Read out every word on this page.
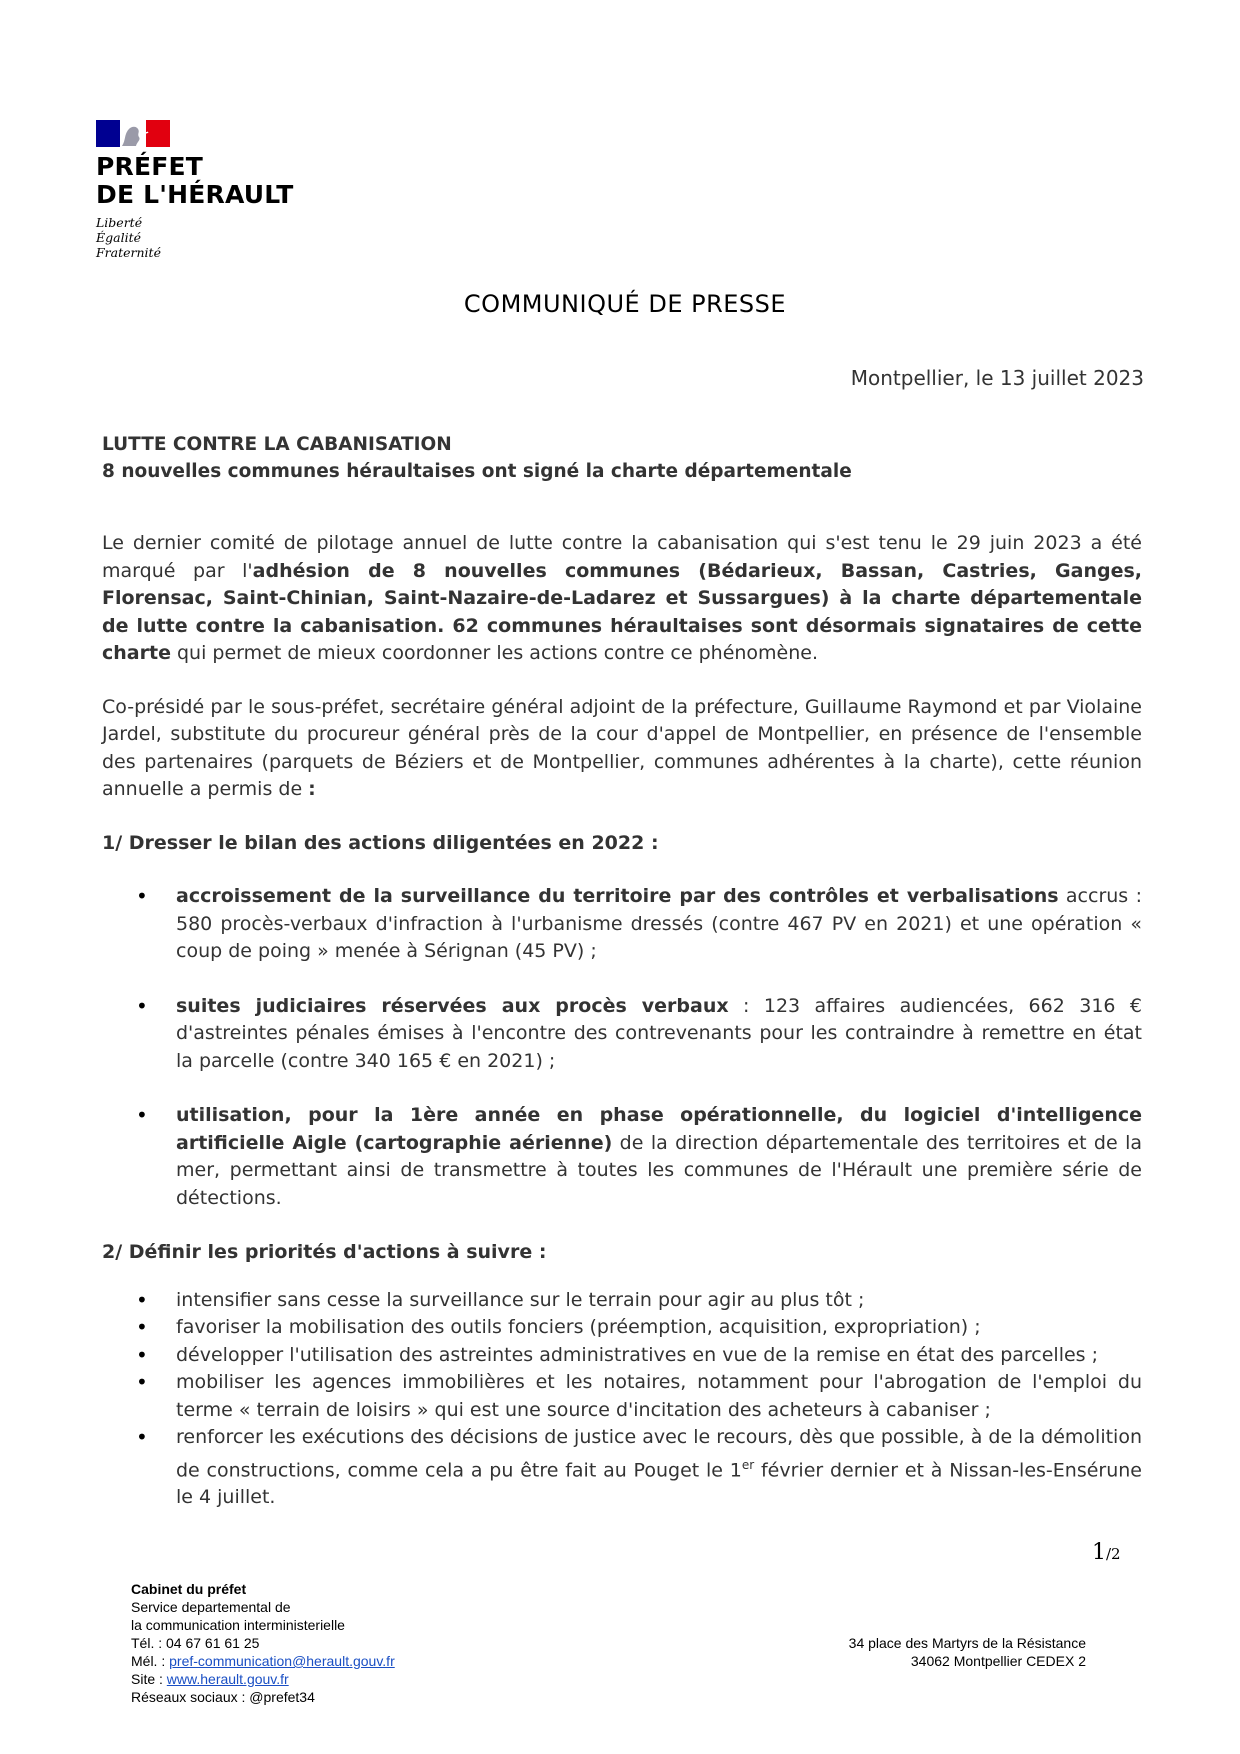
PRÉFET
DE L'HÉRAULT
Liberté
Égalité
Fraternité
COMMUNIQUÉ DE PRESSE
Montpellier, le 13 juillet 2023
LUTTE CONTRE LA CABANISATION
8 nouvelles communes héraultaises ont signé la charte départementale

Le dernier comité de pilotage annuel de lutte contre la cabanisation qui s'est tenu le 29 juin 2023 a été marqué par l'adhésion de 8 nouvelles communes (Bédarieux, Bassan, Castries, Ganges, Florensac, Saint-Chinian, Saint-Nazaire-de-Ladarez et Sussargues) à la charte départementale de lutte contre la cabanisation. 62 communes héraultaises sont désormais signataires de cette charte qui permet de mieux coordonner les actions contre ce phénomène.

Co-présidé par le sous-préfet, secrétaire général adjoint de la préfecture, Guillaume Raymond et par Violaine Jardel, substitute du procureur général près de la cour d'appel de Montpellier, en présence de l'ensemble des partenaires (parquets de Béziers et de Montpellier, communes adhérentes à la charte), cette réunion annuelle a permis de :

1/ Dresser le bilan des actions diligentées en 2022 :

• accroissement de la surveillance du territoire par des contrôles et verbalisations accrus : 580 procès-verbaux d'infraction à l'urbanisme dressés (contre 467 PV en 2021) et une opération « coup de poing » menée à Sérignan (45 PV) ;
• suites judiciaires réservées aux procès verbaux : 123 affaires audiencées, 662 316 € d'astreintes pénales émises à l'encontre des contrevenants pour les contraindre à remettre en état la parcelle (contre 340 165 € en 2021) ;
• utilisation, pour la 1ère année en phase opérationnelle, du logiciel d'intelligence artificielle Aigle (cartographie aérienne) de la direction départementale des territoires et de la mer, permettant ainsi de transmettre à toutes les communes de l'Hérault une première série de détections.

2/ Définir les priorités d'actions à suivre :

• intensifier sans cesse la surveillance sur le terrain pour agir au plus tôt ;
• favoriser la mobilisation des outils fonciers (préemption, acquisition, expropriation) ;
• développer l'utilisation des astreintes administratives en vue de la remise en état des parcelles ;
• mobiliser les agences immobilières et les notaires, notamment pour l'abrogation de l'emploi du terme « terrain de loisirs » qui est une source d'incitation des acheteurs à cabaniser ;
• renforcer les exécutions des décisions de justice avec le recours, dès que possible, à de la démolition de constructions, comme cela a pu être fait au Pouget le 1er février dernier et à Nissan-les-Ensérune le 4 juillet.
1/2
Cabinet du préfet
Service departemental de
la communication interministerielle
Tél. : 04 67 61 61 25
Mél. : pref-communication@herault.gouv.fr
Site : www.herault.gouv.fr
Réseaux sociaux : @prefet34
34 place des Martyrs de la Résistance
34062 Montpellier CEDEX 2
